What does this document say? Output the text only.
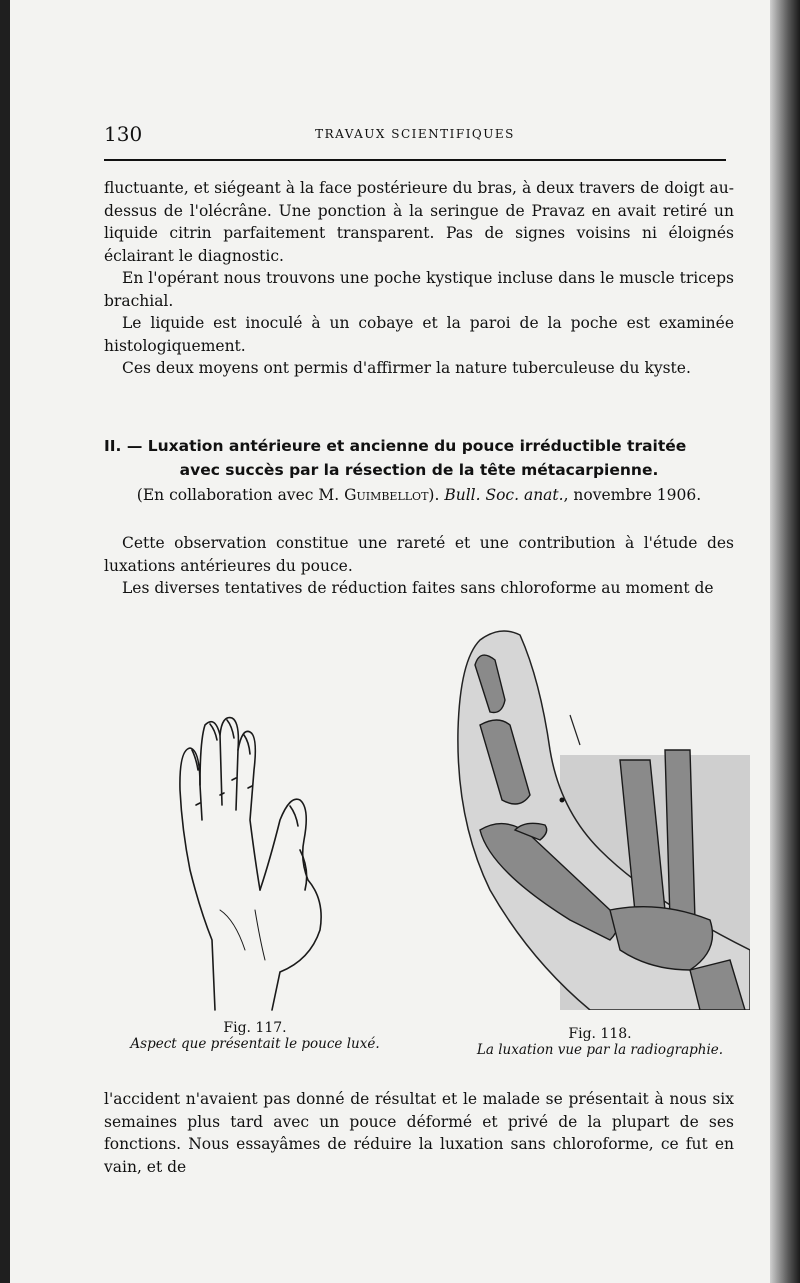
130	TRAVAUX SCIENTIFIQUES

fluctuante, et siégeant à la face postérieure du bras, à deux travers de doigt au-dessus de l'olécrâne. Une ponction à la seringue de Pravaz en avait retiré un liquide citrin parfaitement transparent. Pas de signes voisins ni éloignés éclairant le diagnostic.

En l'opérant nous trouvons une poche kystique incluse dans le muscle triceps brachial.

Le liquide est inoculé à un cobaye et la paroi de la poche est examinée histologiquement.

Ces deux moyens ont permis d'affirmer la nature tuberculeuse du kyste.

II. — Luxation antérieure et ancienne du pouce irréductible traitée
avec succès par la résection de la tête métacarpienne.
(En collaboration avec M. Guimbellot). Bull. Soc. anat., novembre 1906.

Cette observation constitue une rareté et une contribution à l'étude des luxations antérieures du pouce.

Les diverses tentatives de réduction faites sans chloroforme au moment de

Fig. 117.
Aspect que présentait le pouce luxé.
Fig. 118.
La luxation vue par la radiographie.

l'accident n'avaient pas donné de résultat et le malade se présentait à nous six semaines plus tard avec un pouce déformé et privé de la plupart de ses fonctions. Nous essayâmes de réduire la luxation sans chloroforme, ce fut en vain, et de
